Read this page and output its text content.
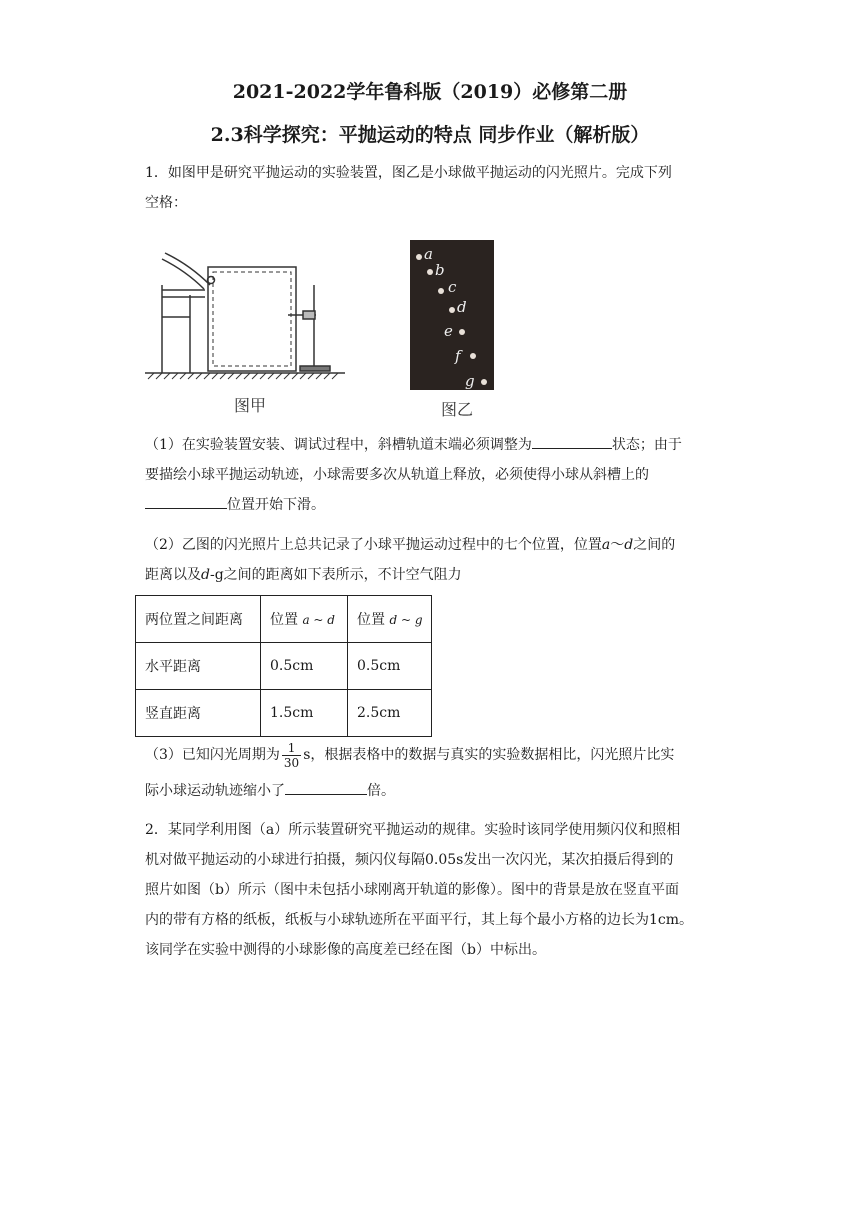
2021-2022学年鲁科版（2019）必修第二册
2.3科学探究：平抛运动的特点 同步作业（解析版）
1．如图甲是研究平抛运动的实验装置，图乙是小球做平抛运动的闪光照片。完成下列
空格：
图甲
a
b
c
d
e
f
g
图乙
（1）在实验装置安装、调试过程中，斜槽轨道末端必须调整为	状态；由于
要描绘小球平抛运动轨迹，小球需要多次从轨道上释放，必须使得小球从斜槽上的
位置开始下滑。
（2）乙图的闪光照片上总共记录了小球平抛运动过程中的七个位置，位置a～d之间的
距离以及d-g之间的距离如下表所示，不计空气阻力
两位置之间距离	位置 a ~ d	位置 d ~ g
水平距离	0.5cm	0.5cm
竖直距离	1.5cm	2.5cm
（3）已知闪光周期为 $\frac{1}{30}$ s，根据表格中的数据与真实的实验数据相比，闪光照片比实
际小球运动轨迹缩小了	倍。
2．某同学利用图（a）所示装置研究平抛运动的规律。实验时该同学使用频闪仪和照相
机对做平抛运动的小球进行拍摄，频闪仪每隔0.05s发出一次闪光，某次拍摄后得到的
照片如图（b）所示（图中未包括小球刚离开轨道的影像）。图中的背景是放在竖直平面
内的带有方格的纸板，纸板与小球轨迹所在平面平行，其上每个最小方格的边长为1cm。
该同学在实验中测得的小球影像的高度差已经在图（b）中标出。
